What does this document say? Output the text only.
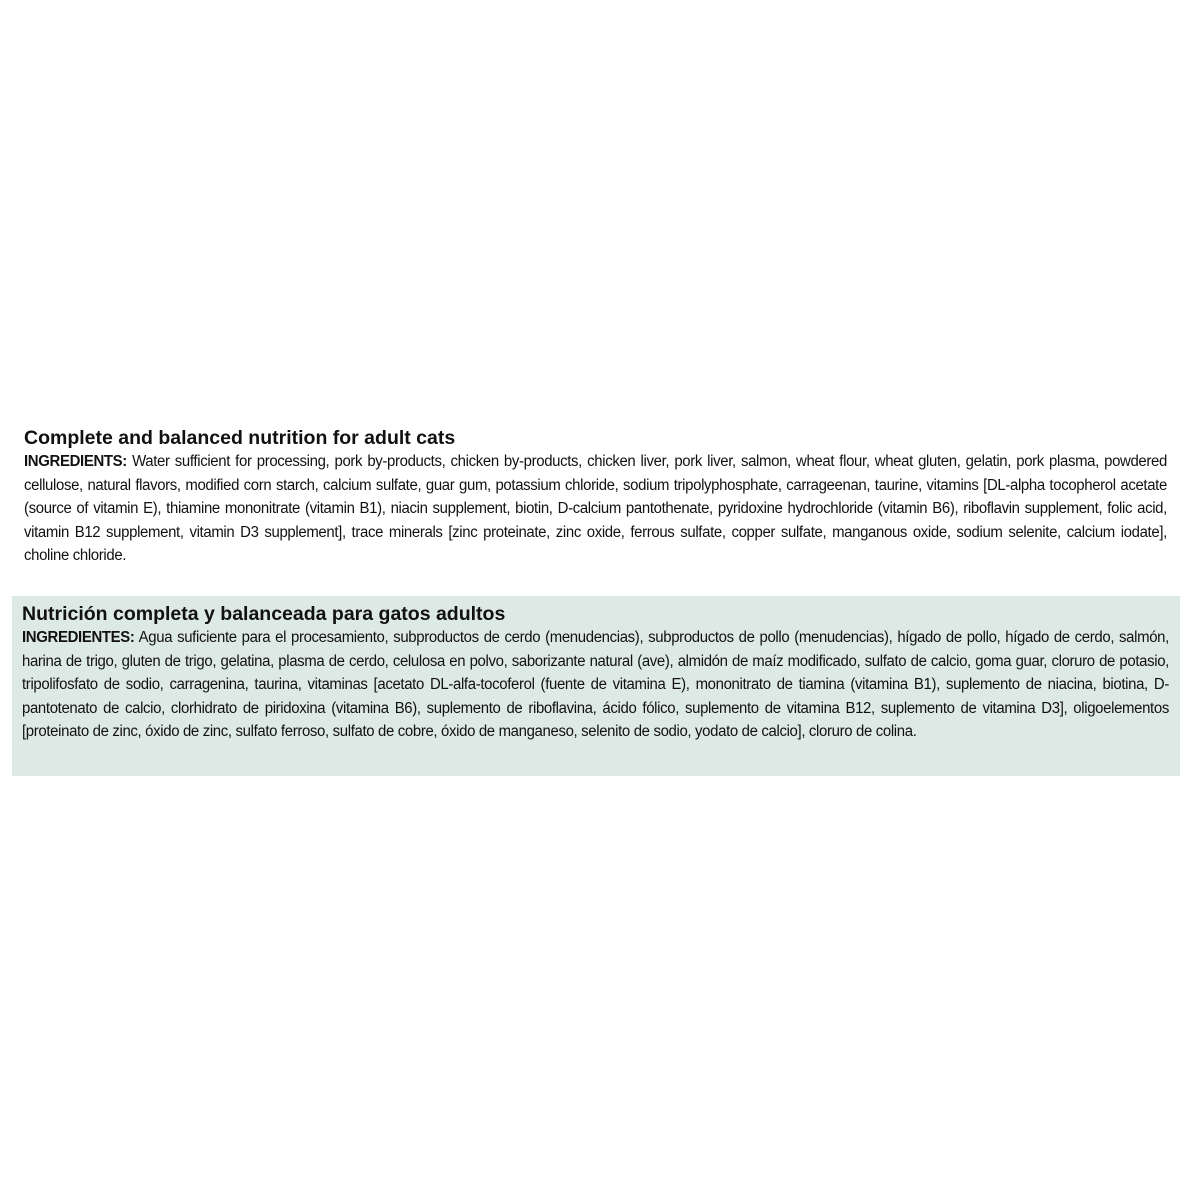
Complete and balanced nutrition for adult cats

INGREDIENTS: Water sufficient for processing, pork by-products, chicken by-products, chicken liver, pork liver, salmon, wheat flour, wheat gluten, gelatin, pork plasma, powdered cellulose, natural flavors, modified corn starch, calcium sulfate, guar gum, potassium chloride, sodium tripolyphosphate, carrageenan, taurine, vitamins [DL-alpha tocopherol acetate (source of vitamin E), thiamine mononitrate (vitamin B1), niacin supplement, biotin, D-calcium pantothenate, pyridoxine hydrochloride (vitamin B6), riboflavin supplement, folic acid, vitamin B12 supplement, vitamin D3 supplement], trace minerals [zinc proteinate, zinc oxide, ferrous sulfate, copper sulfate, manganous oxide, sodium selenite, calcium iodate], choline chloride.

Nutrición completa y balanceada para gatos adultos

INGREDIENTES: Agua suficiente para el procesamiento, subproductos de cerdo (menudencias), subproductos de pollo (menudencias), hígado de pollo, hígado de cerdo, salmón, harina de trigo, gluten de trigo, gelatina, plasma de cerdo, celulosa en polvo, saborizante natural (ave), almidón de maíz modificado, sulfato de calcio, goma guar, cloruro de potasio, tripolifosfato de sodio, carragenina, taurina, vitaminas [acetato DL-alfa-tocoferol (fuente de vitamina E), mononitrato de tiamina (vitamina B1), suplemento de niacina, biotina, D-pantotenato de calcio, clorhidrato de piridoxina (vitamina B6), suplemento de riboflavina, ácido fólico, suplemento de vitamina B12, suplemento de vitamina D3], oligoelementos [proteinato de zinc, óxido de zinc, sulfato ferroso, sulfato de cobre, óxido de manganeso, selenito de sodio, yodato de calcio], cloruro de colina.
